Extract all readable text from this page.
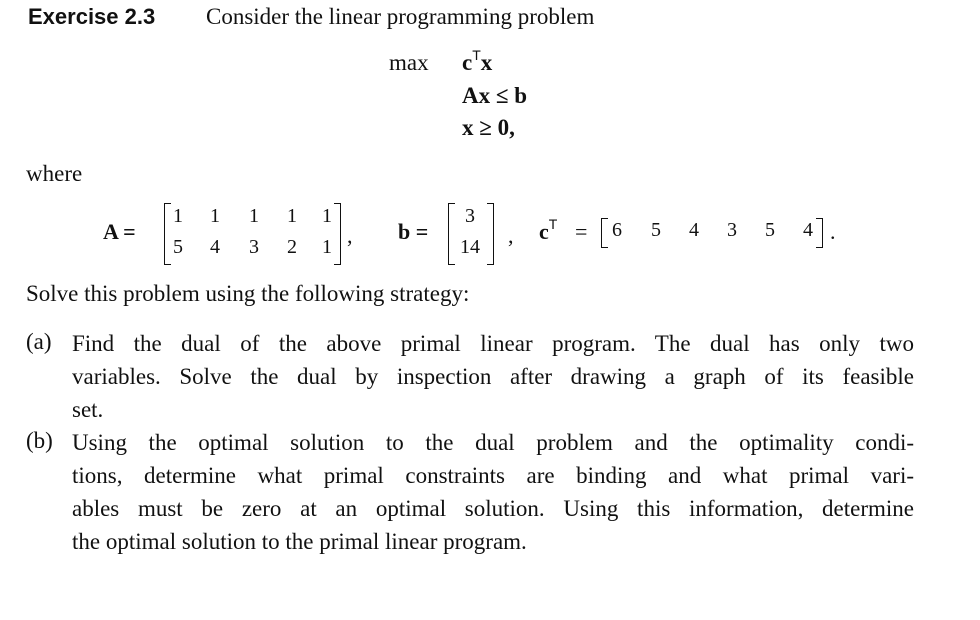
Exercise 2.3 Consider the linear programming problem
$\max c^Tx$
Ax ≤ b
x ≥ 0,
where
A =
1	1	1	1	1
5	4	3	2	1 , b =
3
14 , $c^T$ =	6	5	4	3	5	4 .
Solve this problem using the following strategy:
(a) Find the dual of the above primal linear program. The dual has only two
variables. Solve the dual by inspection after drawing a graph of its feasible
set.
(b) Using the optimal solution to the dual problem and the optimality condi-
tions, determine what primal constraints are binding and what primal vari-
ables must be zero at an optimal solution. Using this information, determine
the optimal solution to the primal linear program.
